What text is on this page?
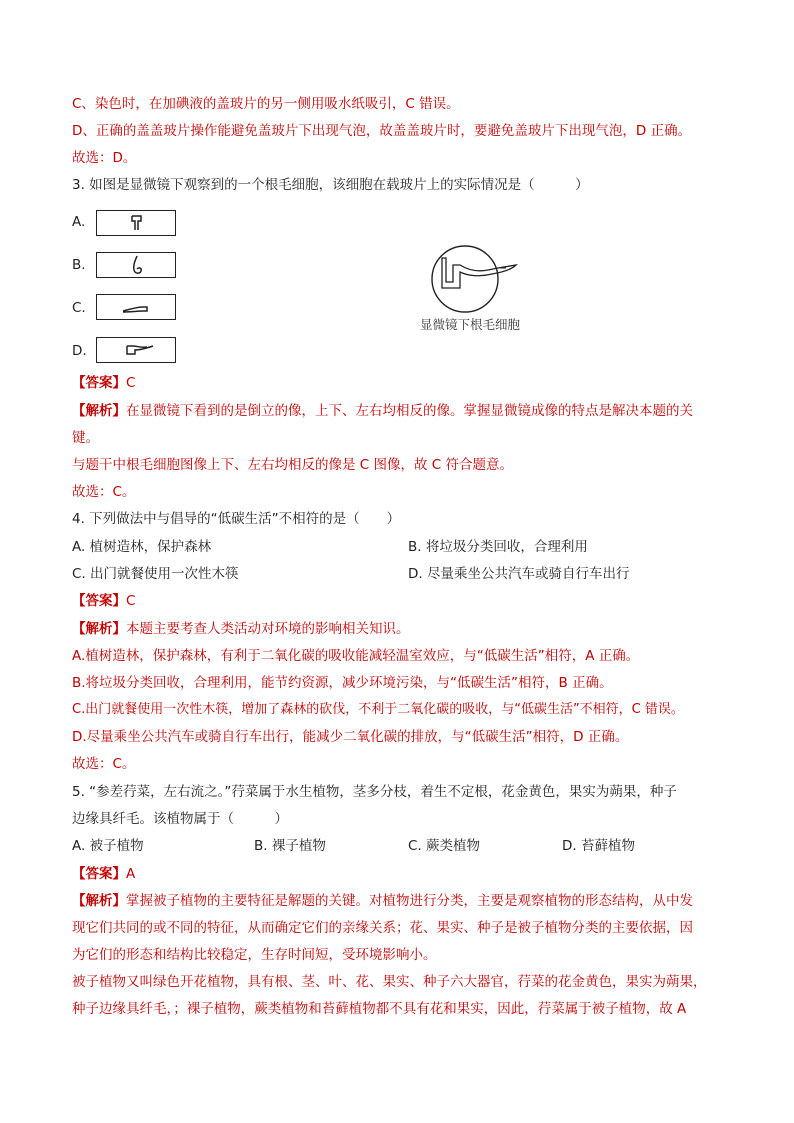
C、染色时，在加碘液的盖玻片的另一侧用吸水纸吸引，C 错误。
D、正确的盖盖玻片操作能避免盖玻片下出现气泡，故盖盖玻片时，要避免盖玻片下出现气泡，D 正确。
故选：D。
3. 如图是显微镜下观察到的一个根毛细胞，该细胞在载玻片上的实际情况是（　　　）
A.
B.
C.
D.
显微镜下根毛细胞
【答案】C
【解析】在显微镜下看到的是倒立的像，上下、左右均相反的像。掌握显微镜成像的特点是解决本题的关
键。
与题干中根毛细胞图像上下、左右均相反的像是 C 图像，故 C 符合题意。
故选：C。
4. 下列做法中与倡导的“低碳生活”不相符的是（　　）
A. 植树造林，保护森林	B. 将垃圾分类回收，合理利用
C. 出门就餐使用一次性木筷	D. 尽量乘坐公共汽车或骑自行车出行
【答案】C
【解析】本题主要考查人类活动对环境的影响相关知识。
A.植树造林，保护森林，有利于二氧化碳的吸收能减轻温室效应，与“低碳生活”相符，A 正确。
B.将垃圾分类回收，合理利用，能节约资源，减少环境污染，与“低碳生活”相符，B 正确。
C.出门就餐使用一次性木筷，增加了森林的砍伐，不利于二氧化碳的吸收，与“低碳生活”不相符，C 错误。
D.尽量乘坐公共汽车或骑自行车出行，能减少二氧化碳的排放，与“低碳生活”相符，D 正确。
故选：C。
5. “参差荇菜，左右流之。”荇菜属于水生植物，茎多分枝，着生不定根，花金黄色，果实为蒴果，种子
边缘具纤毛。该植物属于（　　　）
A. 被子植物	B. 裸子植物	C. 蕨类植物	D. 苔藓植物
【答案】A
【解析】掌握被子植物的主要特征是解题的关键。对植物进行分类，主要是观察植物的形态结构，从中发
现它们共同的或不同的特征，从而确定它们的亲缘关系；花、果实、种子是被子植物分类的主要依据，因
为它们的形态和结构比较稳定，生存时间短，受环境影响小。
被子植物又叫绿色开花植物，具有根、茎、叶、花、果实、种子六大器官，荇菜的花金黄色，果实为蒴果，
种子边缘具纤毛，；裸子植物，蕨类植物和苔藓植物都不具有花和果实，因此，荇菜属于被子植物，故 A
